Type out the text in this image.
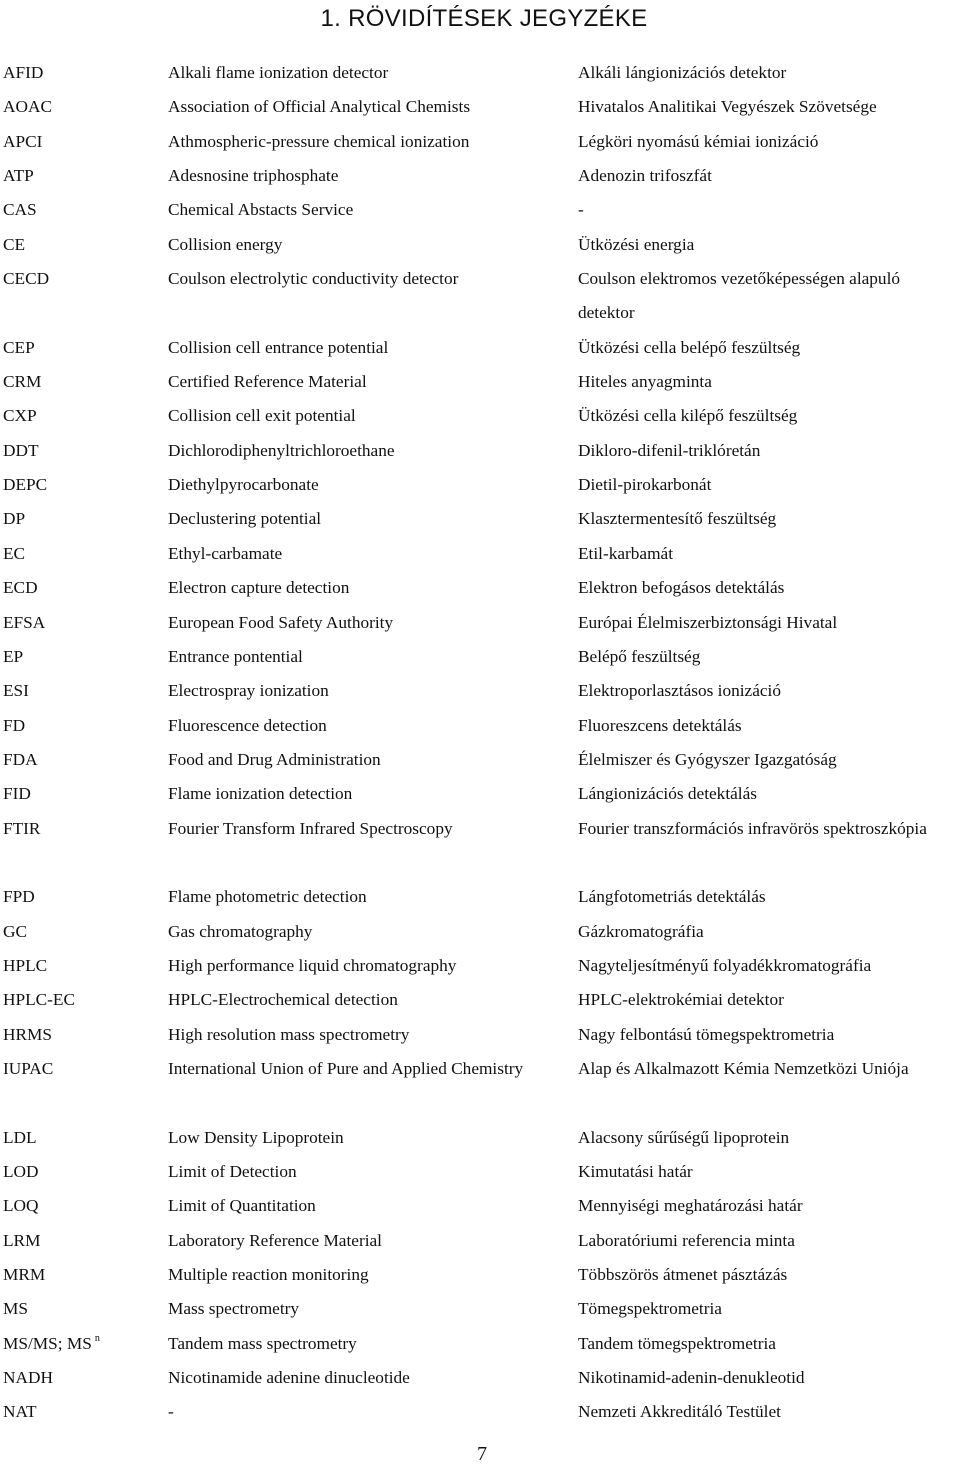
1. RÖVIDÍTÉSEK JEGYZÉKE
AFID	Alkali flame ionization detector	Alkáli lángionizációs detektor
AOAC	Association of Official Analytical Chemists	Hivatalos Analitikai Vegyészek Szövetsége
APCI	Athmospheric-pressure chemical ionization	Légköri nyomású kémiai ionizáció
ATP	Adesnosine triphosphate	Adenozin trifoszfát
CAS	Chemical Abstacts Service	-
CE	Collision energy	Ütközési energia
CECD	Coulson electrolytic conductivity detector	Coulson elektromos vezetőképességen alapuló detektor
CEP	Collision cell entrance potential	Ütközési cella belépő feszültség
CRM	Certified Reference Material	Hiteles anyagminta
CXP	Collision cell exit potential	Ütközési cella kilépő feszültség
DDT	Dichlorodiphenyltrichloroethane	Dikloro-difenil-triklóretán
DEPC	Diethylpyrocarbonate	Dietil-pirokarbonát
DP	Declustering potential	Klasztermentesítő feszültség
EC	Ethyl-carbamate	Etil-karbamát
ECD	Electron capture detection	Elektron befogásos detektálás
EFSA	European Food Safety Authority	Európai Élelmiszerbiztonsági Hivatal
EP	Entrance pontential	Belépő feszültség
ESI	Electrospray ionization	Elektroporlasztásos ionizáció
FD	Fluorescence detection	Fluoreszcens detektálás
FDA	Food and Drug Administration	Élelmiszer és Gyógyszer Igazgatóság
FID	Flame ionization detection	Lángionizációs detektálás
FTIR	Fourier Transform Infrared Spectroscopy	Fourier transzformációs infravörös spektroszkópia
FPD	Flame photometric detection	Lángfotometriás detektálás
GC	Gas chromatography	Gázkromatográfia
HPLC	High performance liquid chromatography	Nagyteljesítményű folyadékkromatográfia
HPLC-EC	HPLC-Electrochemical detection	HPLC-elektrokémiai detektor
HRMS	High resolution mass spectrometry	Nagy felbontású tömegspektrometria
IUPAC	International Union of Pure and Applied Chemistry	Alap és Alkalmazott Kémia Nemzetközi Uniója
LDL	Low Density Lipoprotein	Alacsony sűrűségű lipoprotein
LOD	Limit of Detection	Kimutatási határ
LOQ	Limit of Quantitation	Mennyiségi meghatározási határ
LRM	Laboratory Reference Material	Laboratóriumi referencia minta
MRM	Multiple reaction monitoring	Többszörös átmenet pásztázás
MS	Mass spectrometry	Tömegspektrometria
MS/MS; MS $^n$	Tandem mass spectrometry	Tandem tömegspektrometria
NADH	Nicotinamide adenine dinucleotide	Nikotinamid-adenin-denukleotid
NAT	-	Nemzeti Akkreditáló Testület
7
